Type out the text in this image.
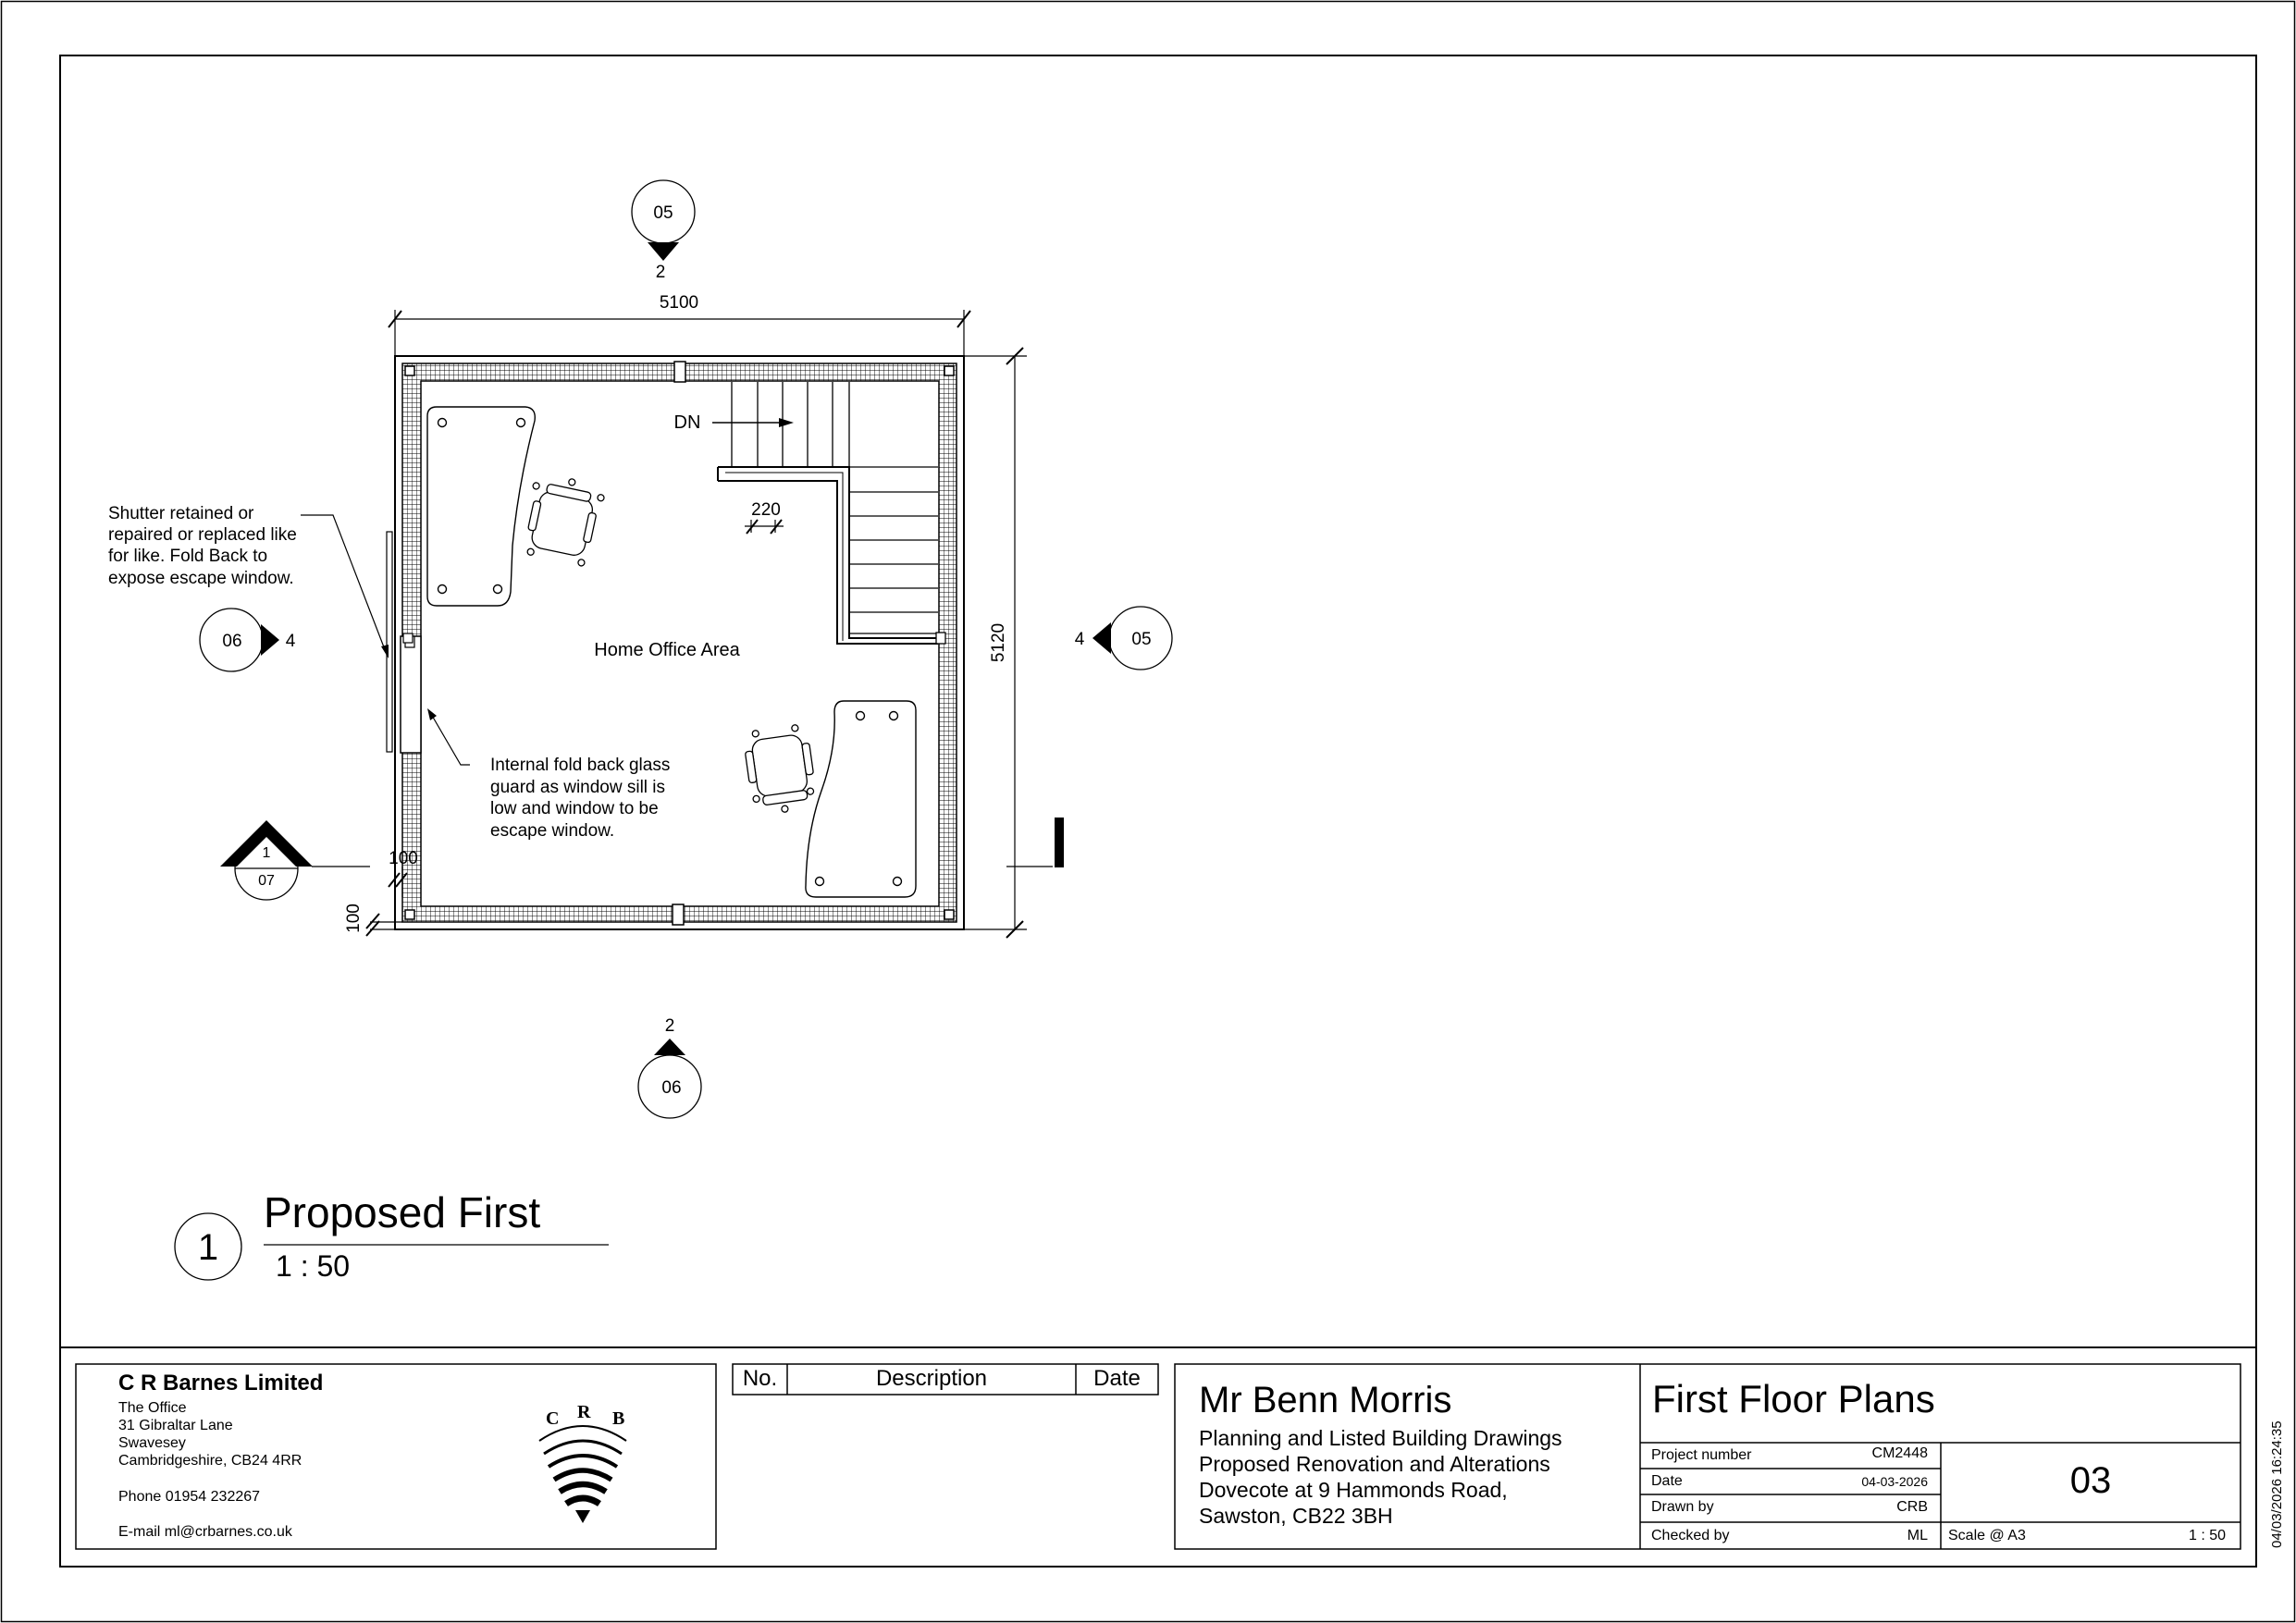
5100
5120
220
100
100
DN
Home Office Area
Shutter retained or
repaired or replaced like
for like. Fold Back to
expose escape window.
Internal fold back glass
guard as window sill is
low and window to be
escape window.
05
2
05
4
06 4
06
2
1
07
1
Proposed First
1 : 50
C R B
C R Barnes Limited
The Office
31 Gibraltar Lane
Swavesey
Cambridgeshire, CB24 4RR
Phone 01954 232267
E-mail ml@crbarnes.co.uk
No.	Description	Date
Mr Benn Morris
Planning and Listed Building Drawings
Proposed Renovation and Alterations
Dovecote at 9 Hammonds Road,
Sawston, CB22 3BH
First Floor Plans
Project number	CM2448
Date	04-03-2026
Drawn by	CRB
Checked by	ML
03
Scale @ A3	1 : 50	04/03/2026 16:24:35
